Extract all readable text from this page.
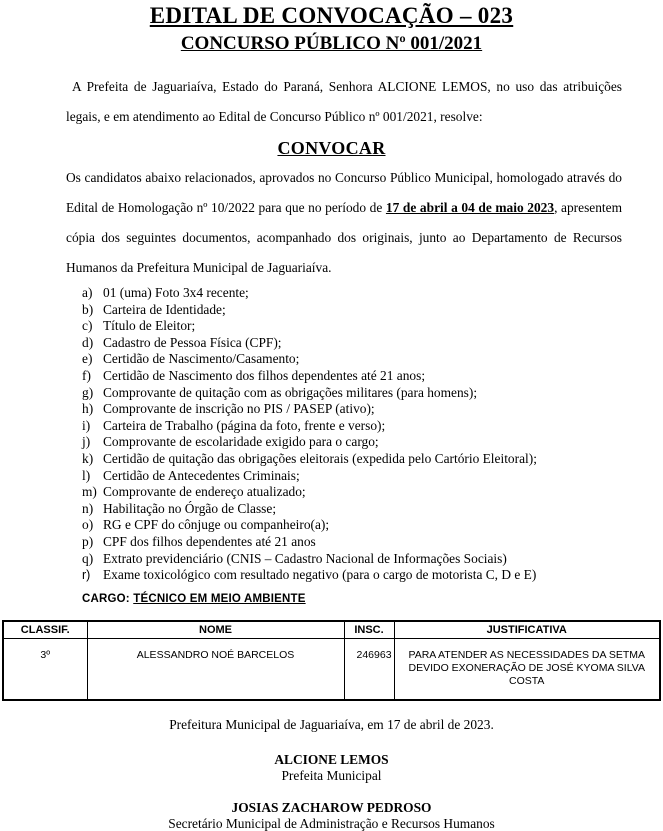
EDITAL DE CONVOCAÇÃO – 023
CONCURSO PÚBLICO Nº 001/2021

A Prefeita de Jaguariaíva, Estado do Paraná, Senhora ALCIONE LEMOS, no uso das atribuições legais, e em atendimento ao Edital de Concurso Público nº 001/2021, resolve:

CONVOCAR

Os candidatos abaixo relacionados, aprovados no Concurso Público Municipal, homologado através do Edital de Homologação nº 10/2022 para que no período de 17 de abril a 04 de maio 2023, apresentem cópia dos seguintes documentos, acompanhado dos originais, junto ao Departamento de Recursos Humanos da Prefeitura Municipal de Jaguariaíva.

a) 01 (uma) Foto 3x4 recente;
b) Carteira de Identidade;
c) Título de Eleitor;
d) Cadastro de Pessoa Física (CPF);
e) Certidão de Nascimento/Casamento;
f) Certidão de Nascimento dos filhos dependentes até 21 anos;
g) Comprovante de quitação com as obrigações militares (para homens);
h) Comprovante de inscrição no PIS / PASEP (ativo);
i) Carteira de Trabalho (página da foto, frente e verso);
j) Comprovante de escolaridade exigido para o cargo;
k) Certidão de quitação das obrigações eleitorais (expedida pelo Cartório Eleitoral);
l) Certidão de Antecedentes Criminais;
m) Comprovante de endereço atualizado;
n) Habilitação no Órgão de Classe;
o) RG e CPF do cônjuge ou companheiro(a);
p) CPF dos filhos dependentes até 21 anos
q) Extrato previdenciário (CNIS – Cadastro Nacional de Informações Sociais)
r) Exame toxicológico com resultado negativo (para o cargo de motorista C, D e E)
CARGO: TÉCNICO EM MEIO AMBIENTE
CLASSIF.	NOME	INSC.	JUSTIFICATIVA
3º	ALESSANDRO NOÉ BARCELOS	246963	PARA ATENDER AS NECESSIDADES DA SETMA DEVIDO EXONERAÇÃO DE JOSÉ KYOMA SILVA COSTA
Prefeitura Municipal de Jaguariaíva, em 17 de abril de 2023.
ALCIONE LEMOS
Prefeita Municipal
JOSIAS ZACHAROW PEDROSO
Secretário Municipal de Administração e Recursos Humanos
